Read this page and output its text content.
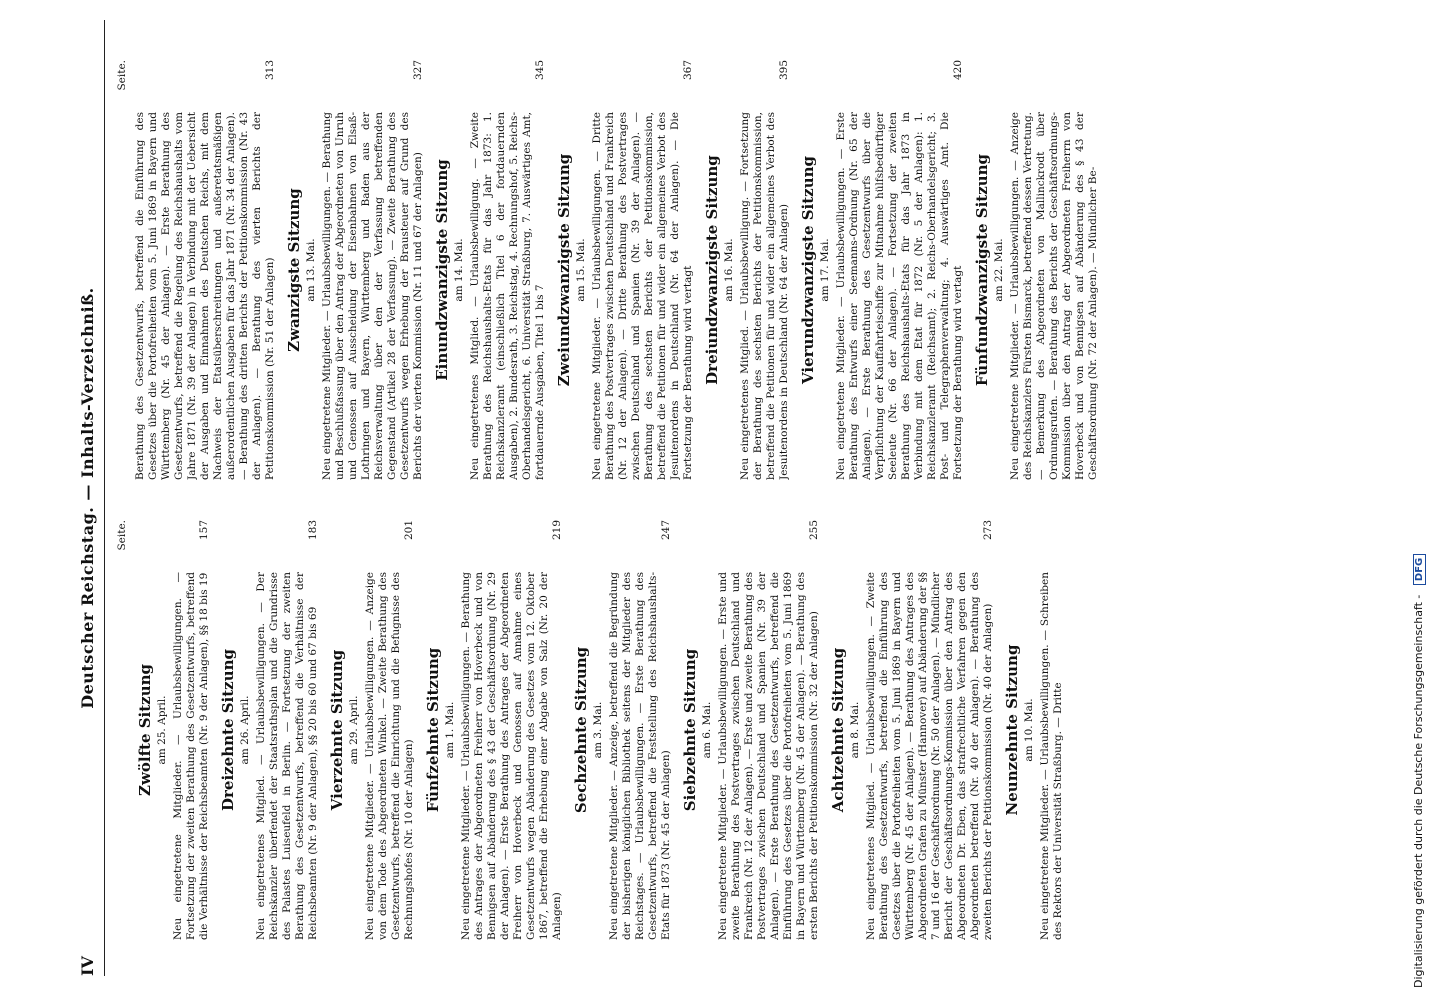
IV
Deutscher Reichstag. — Inhalts-Verzeichniß. Seite.
Zwölfte Sitzung am 25. April. Neu eingetretene Mitglieder. — Urlaubsbewilligungen. — Fortsetzung der zweiten Berathung des Gesetzentwurfs, betreffend die Verhältnisse der Reichsbeamten (Nr. 9 der Anlagen), §§ 18 bis 19
157
Dreizehnte Sitzung am 26. April. Neu eingetretenes Mitglied. — Urlaubsbewilligungen. — Der Reichskanzler überfendet der Staatsrathsplan und die Grundrisse des Palastes Luiseufeld in Berlin. — Fortsetzung der zweiten Berathung des Gesetzentwurfs, betreffend die Verhältnisse der Reichsbeamten (Nr. 9 der Anlagen), §§ 20 bis 60 und 67 bis 69
183
Vierzehnte Sitzung am 29. April. Neu eingetretene Mitglieder. — Urlaubsbewilligungen. — Anzeige von dem Tode des Abgeordneten Winkel. — Zweite Berathung des Gesetzentwurfs, betreffend die Einrichtung und die Befugnisse des Rechnungshofes (Nr. 10 der Anlagen)
201
Fünfzehnte Sitzung am 1. Mai. Neu eingetretene Mitglieder. — Urlaubsbewilligungen. — Berathung des Antrages der Abgeordneten Freiherr von Hoverbeck und von Bennigsen auf Abänderung des § 43 der Geschäftsordnung (Nr. 29 der Anlagen). — Erste Berathung des Antrages der Abgeordneten Freiherr von Hoverbeck und Genossen auf Annahme eines Gesetzentwurfs wegen Abänderung des Gesetzes vom 12. Oktober 1867, betreffend die Erhebung einer Abgabe von Salz (Nr. 20 der Anlagen)
219
Sechzehnte Sitzung am 3. Mai. Neu eingetretene Mitglieder. — Anzeige, betreffend die Begründung der bisherigen königlichen Bibliothek seitens der Mitglieder des Reichstages. — Urlaubsbewilligungen. — Erste Berathung des Gesetzentwurfs, betreffend die Feststellung des Reichshaushalts-Etats für 1873 (Nr. 45 der Anlagen)
247
Siebzehnte Sitzung am 6. Mai. Neu eingetretene Mitglieder. — Urlaubsbewilligungen. — Erste und zweite Berathung des Postvertrages zwischen Deutschland und Frankreich (Nr. 12 der Anlagen). — Erste und zweite Berathung des Postvertrages zwischen Deutschland und Spanien (Nr. 39 der Anlagen). — Erste Berathung des Gesetzentwurfs, betreffend die Einführung des Gesetzes über die Portofreiheiten vom 5. Juni 1869 in Bayern und Württemberg (Nr. 45 der Anlagen). — Berathung des ersten Berichts der Petitionskommission (Nr. 32 der Anlagen)
255
Achtzehnte Sitzung am 8. Mai. Neu eingetretenes Mitglied. — Urlaubsbewilligungen. — Zweite Berathung des Gesetzentwurfs, betreffend die Einführung des Gesetzes über die Portofreiheiten vom 5. Juni 1869 in Bayern und Württemberg (Nr. 45 der Anlagen). — Berathung des Antrages des Abgeordneten Grafen zu Münster (Hannover) auf Abänderung der §§ 7 und 16 der Geschäftsordnung (Nr. 50 der Anlagen). — Mündlicher Bericht der Geschäftsordnungs-Kommission über den Antrag des Abgeordneten Dr. Eben, das strafrechtliche Verfahren gegen den Abgeordneten betreffend (Nr. 40 der Anlagen). — Berathung des zweiten Berichts der Petitionskommission (Nr. 40 der Anlagen)
273
Neunzehnte Sitzung am 10. Mai. Neu eingetretene Mitglieder. — Urlaubsbewilligungen. — Schreiben des Rektors der Universität Straßburg. — Dritte
Seite.
Berathung des Gesetzentwurfs, betreffend die Einführung des Gesetzes über die Portofreiheiten vom 5. Juni 1869 in Bayern und Württemberg (Nr. 45 der Anlagen). — Erste Berathung des Gesetzentwurfs, betreffend die Regelung des Reichshaushalts vom Jahre 1871 (Nr. 39 der Anlagen) in Verbindung mit der Uebersicht der Ausgaben und Einnahmen des Deutschen Reichs, mit dem Nachweis der Etatsüberschreitungen und außeretatsmäßigen außerordentlichen Ausgaben für das Jahr 1871 (Nr. 34 der Anlagen). — Berathung des dritten Berichts der Petitionskommission (Nr. 43 der Anlagen). — Berathung des vierten Berichts der Petitionskommission (Nr. 51 der Anlagen)
313
Zwanzigste Sitzung am 13. Mai. Neu eingetretene Mitglieder. — Urlaubsbewilligungen. — Berathung und Beschlußfassung über den Antrag der Abgeordneten von Unruh und Genossen auf Ausscheidung der Eisenbahnen von Elsaß-Lothringen und Bayern, Württemberg und Baden aus der Reichsverwaltung über den der Verfassung betreffenden Gegenstand (Artikel 28 der Verfassung). — Zweite Berathung des Gesetzentwurfs wegen Erhebung der Brausteuer auf Grund des Berichts der vierten Kommission (Nr. 11 und 67 der Anlagen)
327
Einundzwanzigste Sitzung am 14. Mai. Neu eingetretenes Mitglied. — Urlaubsbewilligung. — Zweite Berathung des Reichshaushalts-Etats für das Jahr 1873: 1. Reichskanzleramt (einschließlich Titel 6 der fortdauernden Ausgaben), 2. Bundesrath, 3. Reichstag, 4. Rechnungshof, 5. Reichs-Oberhandelsgericht, 6. Universität Straßburg, 7. Auswärtiges Amt, fortdauernde Ausgaben, Titel 1 bis 7
345
Zweiundzwanzigste Sitzung am 15. Mai. Neu eingetretene Mitglieder. — Urlaubsbewilligungen. — Dritte Berathung des Postvertrages zwischen Deutschland und Frankreich (Nr. 12 der Anlagen). — Dritte Berathung des Postvertrages zwischen Deutschland und Spanien (Nr. 39 der Anlagen). — Berathung des sechsten Berichts der Petitionskommission, betreffend die Petitionen für und wider ein allgemeines Verbot des Jesuitenordens in Deutschland (Nr. 64 der Anlagen). — Die Fortsetzung der Berathung wird vertagt
367
Dreiundzwanzigste Sitzung am 16. Mai. Neu eingetretenes Mitglied. — Urlaubsbewilligung. — Fortsetzung der Berathung des sechsten Berichts der Petitionskommission, betreffend die Petitionen für und wider ein allgemeines Verbot des Jesuitenordens in Deutschland (Nr. 64 der Anlagen)
395
Vierundzwanzigste Sitzung am 17. Mai. Neu eingetretene Mitglieder. — Urlaubsbewilligungen. — Erste Berathung des Entwurfs einer Seemanns-Ordnung (Nr. 65 der Anlagen). — Erste Berathung des Gesetzentwurfs über die Verpflichtung der Kauffahrteischiffe zur Mitnahme hülfsbedürftiger Seeleute (Nr. 66 der Anlagen). — Fortsetzung der zweiten Berathung des Reichshaushalts-Etats für das Jahr 1873 in Verbindung mit dem Etat für 1872 (Nr. 5 der Anlagen): 1. Reichskanzleramt (Reichsamt); 2. Reichs-Oberhandelsgericht; 3. Post- und Telegraphenverwaltung; 4. Auswärtiges Amt. Die Fortsetzung der Berathung wird vertagt
420
Fünfundzwanzigste Sitzung am 22. Mai. Neu eingetretene Mitglieder. — Urlaubsbewilligungen. — Anzeige des Reichskanzlers Fürsten Bismarck, betreffend dessen Vertretung. — Bemerkung des Abgeordneten von Mallinckrodt über Ordnungsrufen. — Berathung des Berichts der Geschäftsordnungs-Kommission über den Antrag der Abgeordneten Freiherrn von Hoverbeck und von Bennigsen auf Abänderung des § 43 der Geschäftsordnung (Nr. 72 der Anlagen). — Mündlicher Be-
Digitalisierung gefördert durch die Deutsche Forschungsgemeinschaft - DFG
